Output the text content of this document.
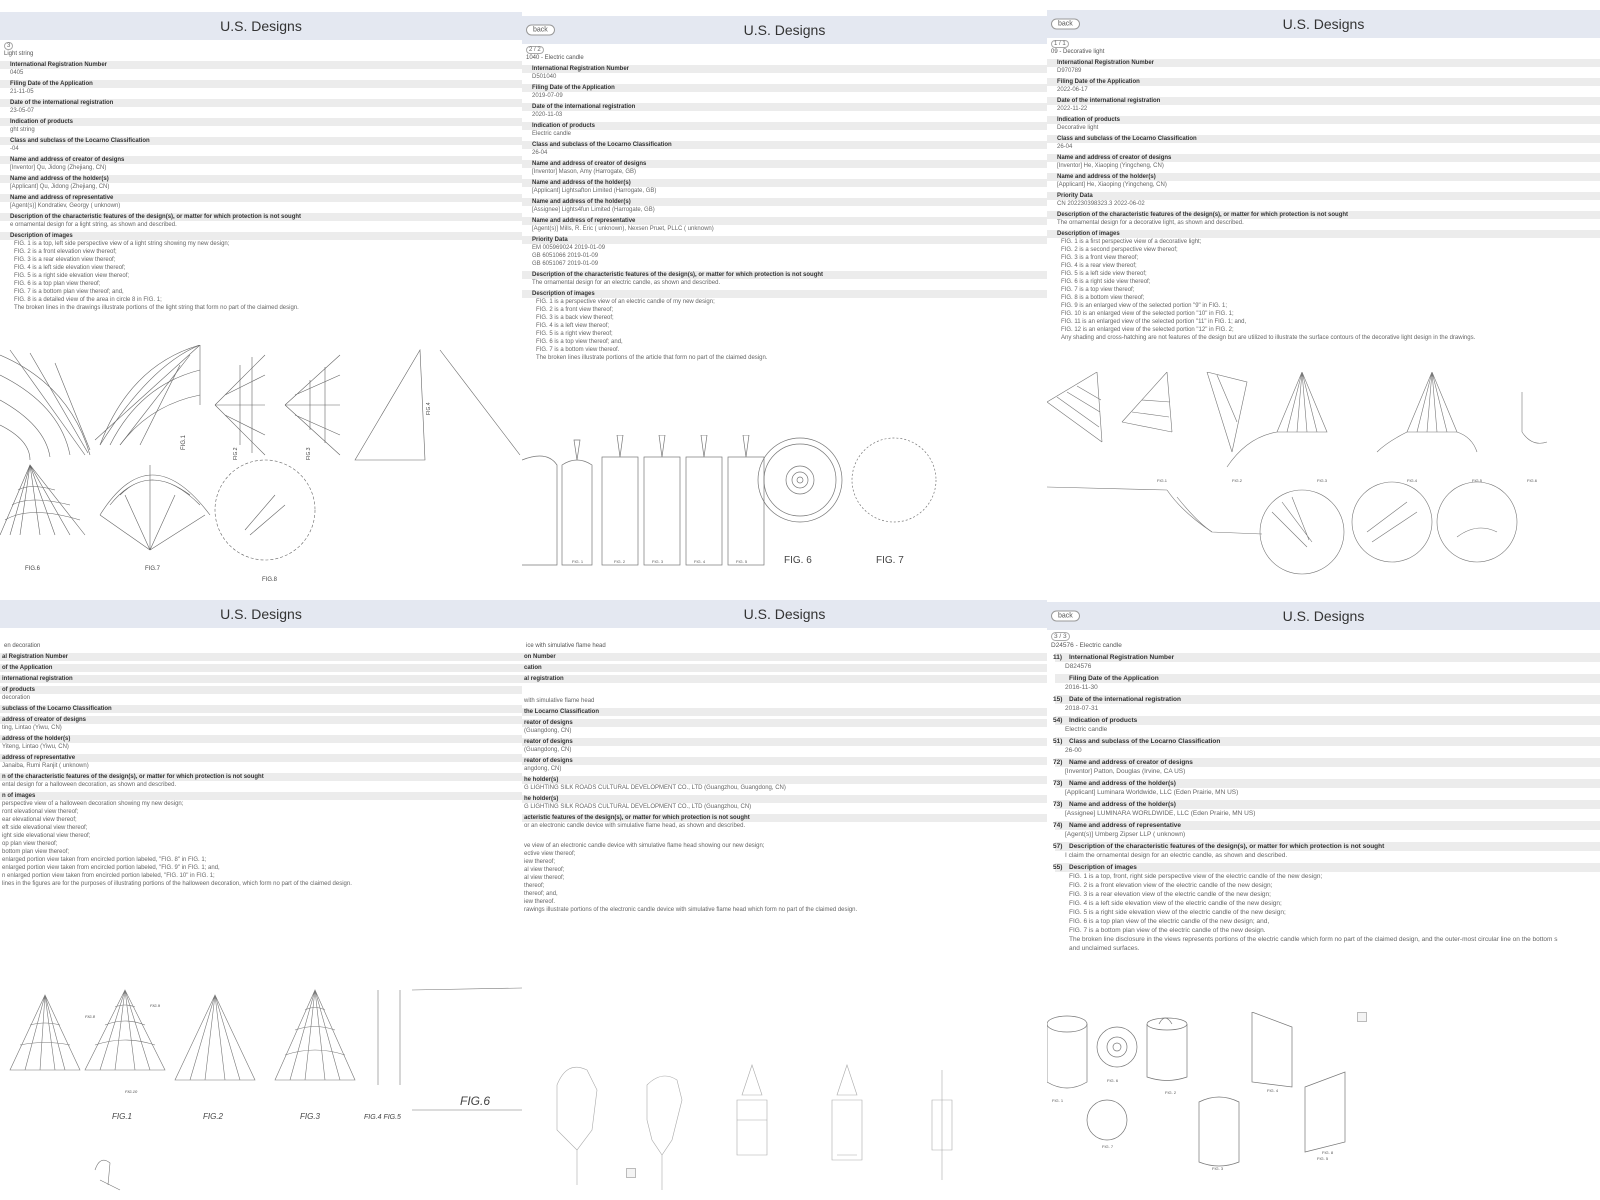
U.S. Designs
3
Light string
International Registration Number
0405
Filing Date of the Application
21-11-05
Date of the international registration
23-05-07
Indication of products
ght string
Class and subclass of the Locarno Classification
-04
Name and address of creator of designs
[Inventor] Qu, Jidong (Zhejiang, CN)
Name and address of the holder(s)
[Applicant] Qu, Jidong (Zhejiang, CN)
Name and address of representative
[Agent(s)] Kondratiev, Georgy ( unknown)
Description of the characteristic features of the design(s), or matter for which protection is not sought
e ornamental design for a light string, as shown and described.
Description of images
FIG. 1 is a top, left side perspective view of a light string showing my new design;
FIG. 2 is a front elevation view thereof;
FIG. 3 is a rear elevation view thereof;
FIG. 4 is a left side elevation view thereof;
FIG. 5 is a right side elevation view thereof;
FIG. 6 is a top plan view thereof;
FIG. 7 is a bottom plan view thereof; and,
FIG. 8 is a detailed view of the area in circle 8 in FIG. 1;
The broken lines in the drawings illustrate portions of the light string that form no part of the claimed design.
FIG.1
FIG.2	FIG.3
FIG.4
FIG.6	FIG.7
FIG.8
back	U.S. Designs
2 / 2
1040 - Electric candle
International Registration Number
D501040
Filing Date of the Application
2019-07-09
Date of the international registration
2020-11-03
Indication of products
Electric candle
Class and subclass of the Locarno Classification
26-04
Name and address of creator of designs
[Inventor] Mason, Amy (Harrogate, GB)
Name and address of the holder(s)
[Applicant] Lightsafton Limited (Harrogate, GB)
Name and address of the holder(s)
[Assignee] Lights4fun Limited (Harrogate, GB)
Name and address of representative
[Agent(s)] Mills, R. Eric ( unknown), Nexsen Pruet, PLLC ( unknown)
Priority Data
EM 005969024 2019-01-09
GB 6051066 2019-01-09
GB 6051067 2019-01-09
Description of the characteristic features of the design(s), or matter for which protection is not sought
The ornamental design for an electric candle, as shown and described.
Description of images
FIG. 1 is a perspective view of an electric candle of my new design;
FIG. 2 is a front view thereof;
FIG. 3 is a back view thereof;
FIG. 4 is a left view thereof;
FIG. 5 is a right view thereof;
FIG. 6 is a top view thereof; and,
FIG. 7 is a bottom view thereof.
The broken lines illustrate portions of the article that form no part of the claimed design.
FIG. 1	FIG. 2	FIG. 3	FIG. 4	FIG. 5	FIG. 6	FIG. 7
back	U.S. Designs
1 / 1
09 - Decorative light
International Registration Number
D970789
Filing Date of the Application
2022-06-17
Date of the international registration
2022-11-22
Indication of products
Decorative light
Class and subclass of the Locarno Classification
26-04
Name and address of creator of designs
[Inventor] He, Xiaoping (Yingcheng, CN)
Name and address of the holder(s)
[Applicant] He, Xiaoping (Yingcheng, CN)
Priority Data
CN 202230398323.3 2022-06-02
Description of the characteristic features of the design(s), or matter for which protection is not sought
The ornamental design for a decorative light, as shown and described.
Description of images
FIG. 1 is a first perspective view of a decorative light;
FIG. 2 is a second perspective view thereof;
FIG. 3 is a front view thereof;
FIG. 4 is a rear view thereof;
FIG. 5 is a left side view thereof;
FIG. 6 is a right side view thereof;
FIG. 7 is a top view thereof;
FIG. 8 is a bottom view thereof;
FIG. 9 is an enlarged view of the selected portion "9" in FIG. 1;
FIG. 10 is an enlarged view of the selected portion "10" in FIG. 1;
FIG. 11 is an enlarged view of the selected portion "11" in FIG. 1; and,
FIG. 12 is an enlarged view of the selected portion "12" in FIG. 2;
Any shading and cross-hatching are not features of the design but are utilized to illustrate the surface contours of the decorative light design in the drawings.
FIG.1	FIG.2	FIG.3	FIG.4	FIG.5	FIG.6
U.S. Designs
en decoration
al Registration Number
of the Application
international registration
of products
decoration
subclass of the Locarno Classification
address of creator of designs
ting, Lintao (Yiwu, CN)
address of the holder(s)
Yiteng, Lintao (Yiwu, CN)
address of representative
Janaiba, Rumi Ranjit ( unknown)
n of the characteristic features of the design(s), or matter for which protection is not sought
ental design for a halloween decoration, as shown and described.
n of images
perspective view of a halloween decoration showing my new design;
ront elevational view thereof;
ear elevational view thereof;
eft side elevational view thereof;
ight side elevational view thereof;
op plan view thereof;
bottom plan view thereof;
enlarged portion view taken from encircled portion labeled, "FIG. 8" in FIG. 1;
enlarged portion view taken from encircled portion labeled, "FIG. 9" in FIG. 1; and,
n enlarged portion view taken from encircled portion labeled, "FIG. 10" in FIG. 1;
lines in the figures are for the purposes of illustrating portions of the halloween decoration, which form no part of the claimed design.
FIG.1	FIG.2	FIG.3	FIG.4 FIG.5
FIG.6
FIG.8
FIG.9
FIG.10
U.S. Designs
ice with simulative flame head
on Number
cation
al registration
with simulative flame head
the Locarno Classification
reator of designs
(Guangdong, CN)
reator of designs
(Guangdong, CN)
reator of designs
angdong, CN)
he holder(s)
G LIGHTING SILK ROADS CULTURAL DEVELOPMENT CO., LTD (Guangzhou, Guangdong, CN)
he holder(s)
G LIGHTING SILK ROADS CULTURAL DEVELOPMENT CO., LTD (Guangzhou, CN)
acteristic features of the design(s), or matter for which protection is not sought
or an electronic candle device with simulative flame head, as shown and described.
ve view of an electronic candle device with simulative flame head showing our new design;
ective view thereof;
iew thereof;
al view thereof;
al view thereof;
thereof;
thereof; and,
iew thereof.
rawings illustrate portions of the electronic candle device with simulative flame head which form no part of the claimed design.

back	U.S. Designs
3 / 3
D24576 - Electric candle
11) International Registration Number
D824576
Filing Date of the Application
2016-11-30
15) Date of the international registration
2018-07-31
54) Indication of products
Electric candle
51) Class and subclass of the Locarno Classification
26-00
72) Name and address of creator of designs
[Inventor] Patton, Douglas (Irvine, CA US)
73) Name and address of the holder(s)
[Applicant] Luminara Worldwide, LLC (Eden Prairie, MN US)
73) Name and address of the holder(s)
[Assignee] LUMINARA WORLDWIDE, LLC (Eden Prairie, MN US)
74) Name and address of representative
[Agent(s)] Umberg Zipser LLP ( unknown)
57) Description of the characteristic features of the design(s), or matter for which protection is not sought
I claim the ornamental design for an electric candle, as shown and described.
55) Description of images
FIG. 1 is a top, front, right side perspective view of the electric candle of the new design;
FIG. 2 is a front elevation view of the electric candle of the new design;
FIG. 3 is a rear elevation view of the electric candle of the new design;
FIG. 4 is a left side elevation view of the electric candle of the new design;
FIG. 5 is a right side elevation view of the electric candle of the new design;
FIG. 6 is a top plan view of the electric candle of the new design; and,
FIG. 7 is a bottom plan view of the electric candle of the new design.
The broken line disclosure in the views represents portions of the electric candle which form no part of the claimed design, and the outer-most circular line on the bottom s
and unclaimed surfaces.
FIG. 1
FIG. 2
FIG. 3
FIG. 4
FIG. 5
FIG. 6
FIG. 7
FIG. 8
